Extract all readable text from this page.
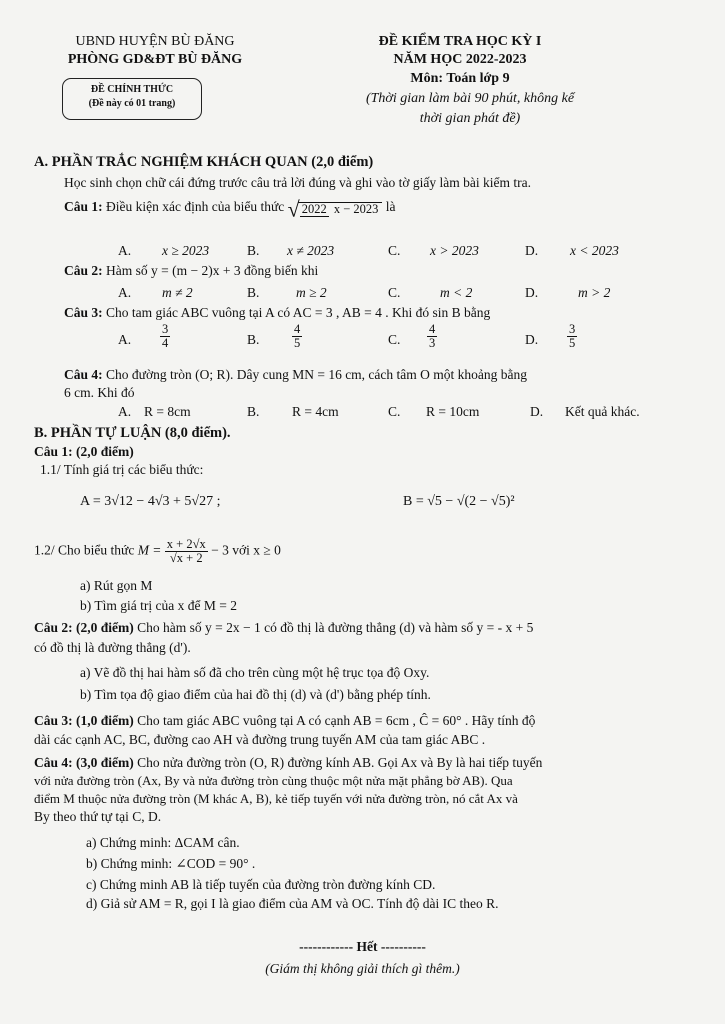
UBND HUYỆN BÙ ĐĂNG
PHÒNG GD&ĐT BÙ ĐĂNG
ĐỀ CHÍNH THỨC
(Đề này có 01 trang)
ĐỀ KIỂM TRA HỌC KỲ I
NĂM HỌC 2022-2023
Môn: Toán lớp 9
(Thời gian làm bài 90 phút, không kể
thời gian phát đề)
A. PHẦN TRẮC NGHIỆM KHÁCH QUAN (2,0 điểm)
Học sinh chọn chữ cái đứng trước câu trả lời đúng và ghi vào tờ giấy làm bài kiểm tra.
Câu 1: Điều kiện xác định của biểu thức √ 2022 x − 2023 là
A. x ≥ 2023	B. x ≠ 2023	C. x > 2023	D. x < 2023
Câu 2: Hàm số y = (m − 2)x + 3 đồng biến khi
A. m ≠ 2	B.	m ≥ 2	C.	m < 2	D.	m > 2
Câu 3: Cho tam giác ABC vuông tại A có AC = 3 , AB = 4 . Khi đó sin B bằng
A. $\frac{3}{4}$	B.	$\frac{4}{5}$	C. $\frac{4}{3}$	D. $\frac{3}{5}$
Câu 4: Cho đường tròn (O; R). Dây cung MN = 16 cm, cách tâm O một khoảng bằng
6 cm. Khi đó
A. R = 8cm	B. R = 4cm	C. R = 10cm	D. Kết quả khác.
B. PHẦN TỰ LUẬN (8,0 điểm).
Câu 1: (2,0 điểm)
1.1/ Tính giá trị các biểu thức:
A = 3√12 − 4√3 + 5√27 ;	B = √5 − √(2 − √5)²
1.2/ Cho biểu thức $M = \frac{x + 2√x}{√x + 2} - 3$ với x ≥ 0
a) Rút gọn M
b) Tìm giá trị của x để M = 2
Câu 2: (2,0 điểm) Cho hàm số y = 2x − 1 có đồ thị là đường thẳng (d) và hàm số y = - x + 5
có đồ thị là đường thẳng (d').
a) Vẽ đồ thị hai hàm số đã cho trên cùng một hệ trục tọa độ Oxy.
b) Tìm tọa độ giao điểm của hai đồ thị (d) và (d') bằng phép tính.
Câu 3: (1,0 điểm) Cho tam giác ABC vuông tại A có cạnh AB = 6cm , Ĉ = 60° . Hãy tính độ
dài các cạnh AC, BC, đường cao AH và đường trung tuyến AM của tam giác ABC .
Câu 4: (3,0 điểm) Cho nửa đường tròn (O, R) đường kính AB. Gọi Ax và By là hai tiếp tuyến
với nửa đường tròn (Ax, By và nửa đường tròn cùng thuộc một nửa mặt phẳng bờ AB). Qua
điểm M thuộc nửa đường tròn (M khác A, B), kẻ tiếp tuyến với nửa đường tròn, nó cắt Ax và
By theo thứ tự tại C, D.
a) Chứng minh: ΔCAM cân.
b) Chứng minh: ∠COD = 90° .
c) Chứng minh AB là tiếp tuyến của đường tròn đường kính CD.
d) Giả sử AM = R, gọi I là giao điểm của AM và OC. Tính độ dài IC theo R.
------------ Hết ----------
(Giám thị không giải thích gì thêm.)
